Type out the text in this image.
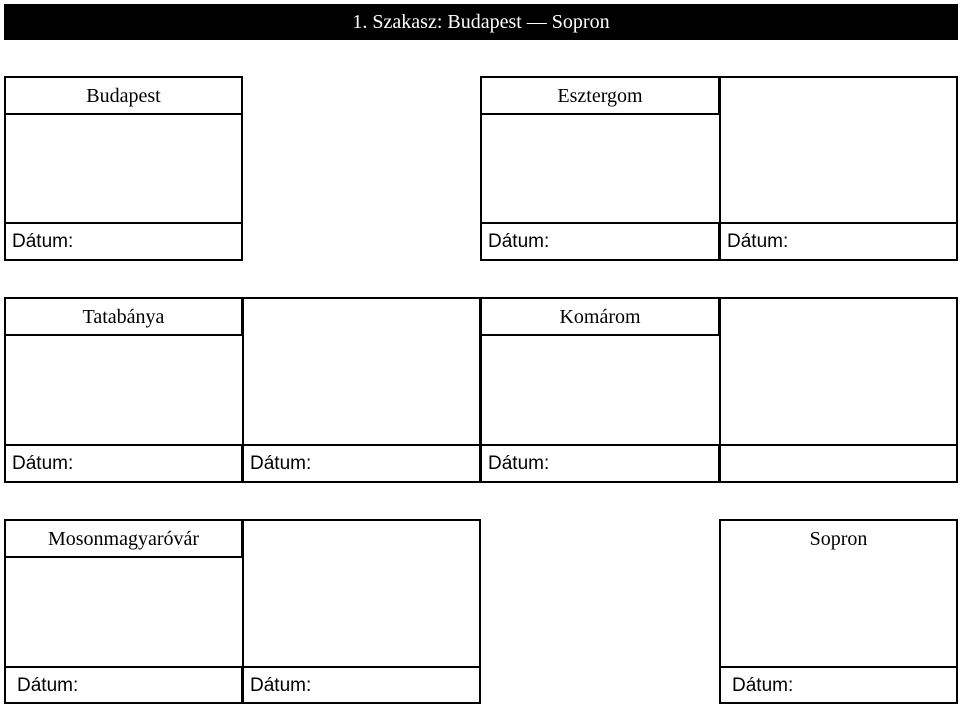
1. Szakasz: Budapest — Sopron
Budapest
Dátum:
Esztergom
Dátum:	Dátum:
Tatabánya
Dátum:	Dátum:
Komárom
Dátum:
Mosonmagyaróvár
Dátum:	Dátum:
Sopron
Dátum:
